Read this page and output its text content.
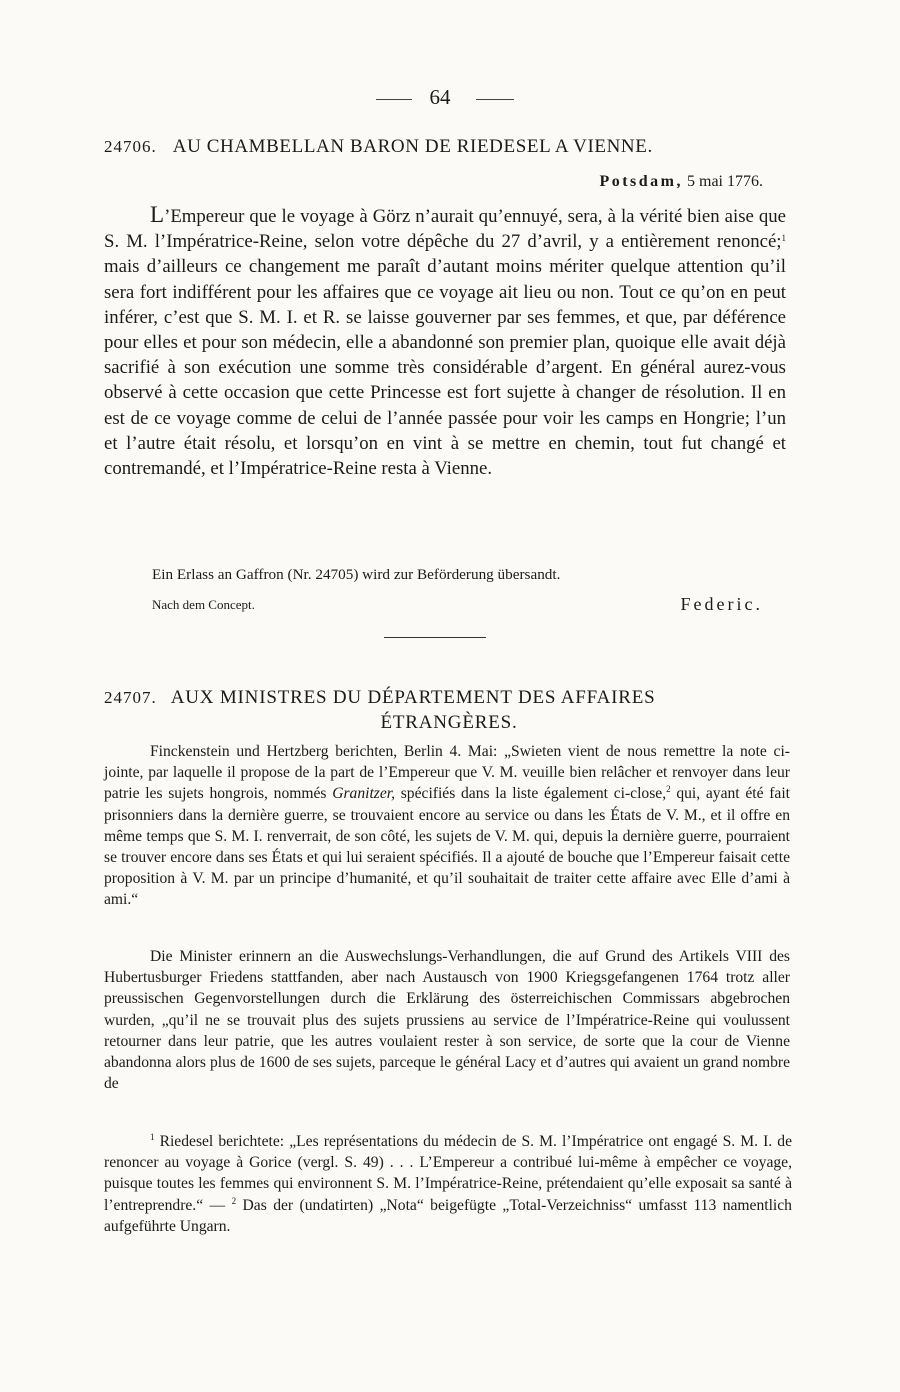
64
24706. AU CHAMBELLAN BARON DE RIEDESEL A VIENNE.
Potsdam, 5 mai 1776.
L’Empereur que le voyage à Görz n’aurait qu’ennuyé, sera, à la vérité bien aise que S. M. l’Impératrice-Reine, selon votre dépêche du 27 d’avril, y a entièrement renoncé;$^1$ mais d’ailleurs ce changement me paraît d’autant moins mériter quelque attention qu’il sera fort indifférent pour les affaires que ce voyage ait lieu ou non. Tout ce qu’on en peut inférer, c’est que S. M. I. et R. se laisse gouverner par ses femmes, et que, par déférence pour elles et pour son médecin, elle a abandonné son premier plan, quoique elle avait déjà sacrifié à son exécution une somme très considérable d’argent. En général aurez-vous observé à cette occasion que cette Princesse est fort sujette à changer de résolution. Il en est de ce voyage comme de celui de l’année passée pour voir les camps en Hongrie; l’un et l’autre était résolu, et lorsqu’on en vint à se mettre en chemin, tout fut changé et contremandé, et l’Impératrice-Reine resta à Vienne.
Ein Erlass an Gaffron (Nr. 24705) wird zur Beförderung übersandt.
Nach dem Concept.	Federic.
24707. AUX MINISTRES DU DÉPARTEMENT DES AFFAIRES
ÉTRANGÈRES.
Finckenstein und Hertzberg berichten, Berlin 4. Mai: „Swieten vient de nous remettre la note ci-jointe, par laquelle il propose de la part de l’Empereur que V. M. veuille bien relâcher et renvoyer dans leur patrie les sujets hongrois, nommés Granitzer, spécifiés dans la liste également ci-close,$^2$ qui, ayant été fait prisonniers dans la dernière guerre, se trouvaient encore au service ou dans les États de V. M., et il offre en même temps que S. M. I. renverrait, de son côté, les sujets de V. M. qui, depuis la dernière guerre, pourraient se trouver encore dans ses États et qui lui seraient spécifiés. Il a ajouté de bouche que l’Empereur faisait cette proposition à V. M. par un principe d’humanité, et qu’il souhaitait de traiter cette affaire avec Elle d’ami à ami.“
Die Minister erinnern an die Auswechslungs-Verhandlungen, die auf Grund des Artikels VIII des Hubertusburger Friedens stattfanden, aber nach Austausch von 1900 Kriegsgefangenen 1764 trotz aller preussischen Gegenvorstellungen durch die Erklärung des österreichischen Commissars abgebrochen wurden, „qu’il ne se trouvait plus des sujets prussiens au service de l’Impératrice-Reine qui voulussent retourner dans leur patrie, que les autres voulaient rester à son service, de sorte que la cour de Vienne abandonna alors plus de 1600 de ses sujets, parceque le général Lacy et d’autres qui avaient un grand nombre de
$^1$ Riedesel berichtete: „Les représentations du médecin de S. M. l’Impératrice ont engagé S. M. I. de renoncer au voyage à Gorice (vergl. S. 49) . . . L’Empereur a contribué lui-même à empêcher ce voyage, puisque toutes les femmes qui environnent S. M. l’Impératrice-Reine, prétendaient qu’elle exposait sa santé à l’entreprendre.“ — $^2$ Das der (undatirten) „Nota“ beigefügte „Total-Verzeichniss“ umfasst 113 namentlich aufgeführte Ungarn.
